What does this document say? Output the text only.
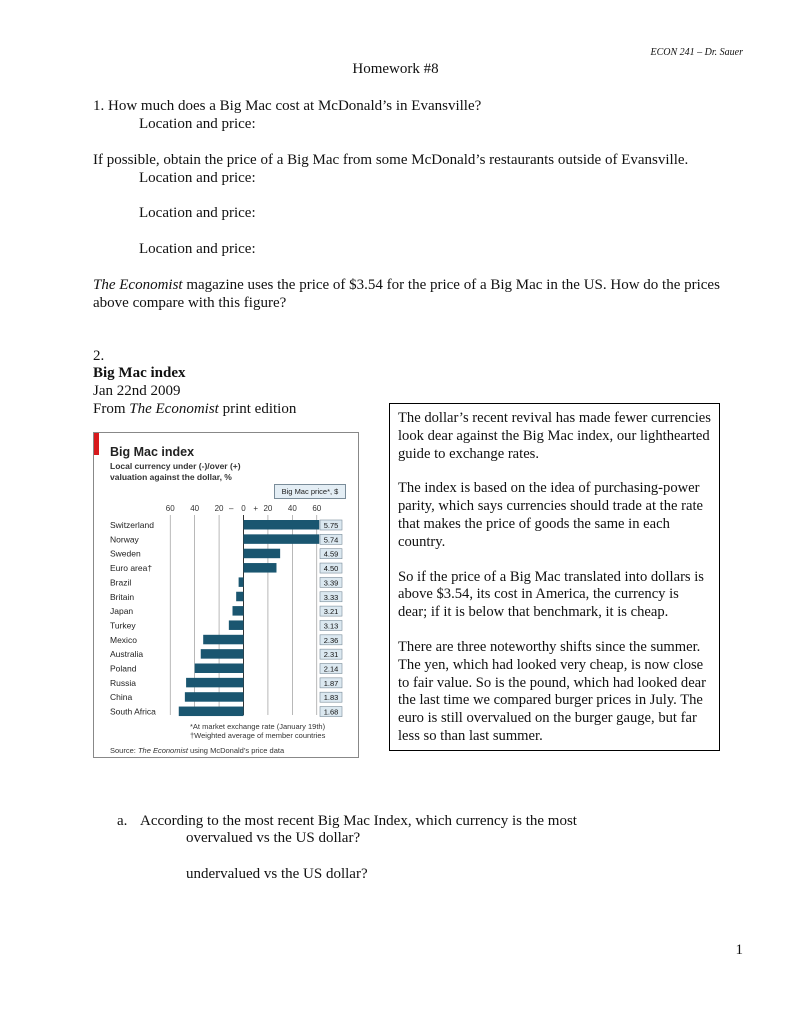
ECON 241 – Dr. Sauer
Homework #8

1. How much does a Big Mac cost at McDonald’s in Evansville?

Location and price:

If possible, obtain the price of a Big Mac from some McDonald’s restaurants outside of Evansville.

Location and price:

Location and price:

Location and price:

The Economist magazine uses the price of $3.54 for the price of a Big Mac in the US. How do the prices above compare with this figure?

2.

Big Mac index

Jan 22nd 2009

From The Economist print edition

60 40 20 – 0 + 20 40 60
Switzerland	5.75
Norway	5.74
Sweden	4.59
Euro area†	4.50
Brazil	3.39
Britain	3.33
Japan	3.21
Turkey	3.13
Mexico	2.36
Australia	2.31
Poland	2.14
Russia	1.87
China	1.83
South Africa	1.68
Big Mac index
Local currency under (-)/over (+)
valuation against the dollar, %
Big Mac price*, $
*At market exchange rate (January 19th)
†Weighted average of member countries
Source: The Economist using McDonald’s price data

The dollar’s recent revival has made fewer currencies look dear against the Big Mac index, our lighthearted guide to exchange rates.

The index is based on the idea of purchasing-power parity, which says currencies should trade at the rate that makes the price of goods the same in each country.

So if the price of a Big Mac translated into dollars is above $3.54, its cost in America, the currency is dear; if it is below that benchmark, it is cheap.

There are three noteworthy shifts since the summer. The yen, which had looked very cheap, is now close to fair value. So is the pound, which had looked dear the last time we compared burger prices in July. The euro is still overvalued on the burger gauge, but far less so than last summer.

a. According to the most recent Big Mac Index, which currency is the most

overvalued vs the US dollar?

undervalued vs the US dollar?

1
